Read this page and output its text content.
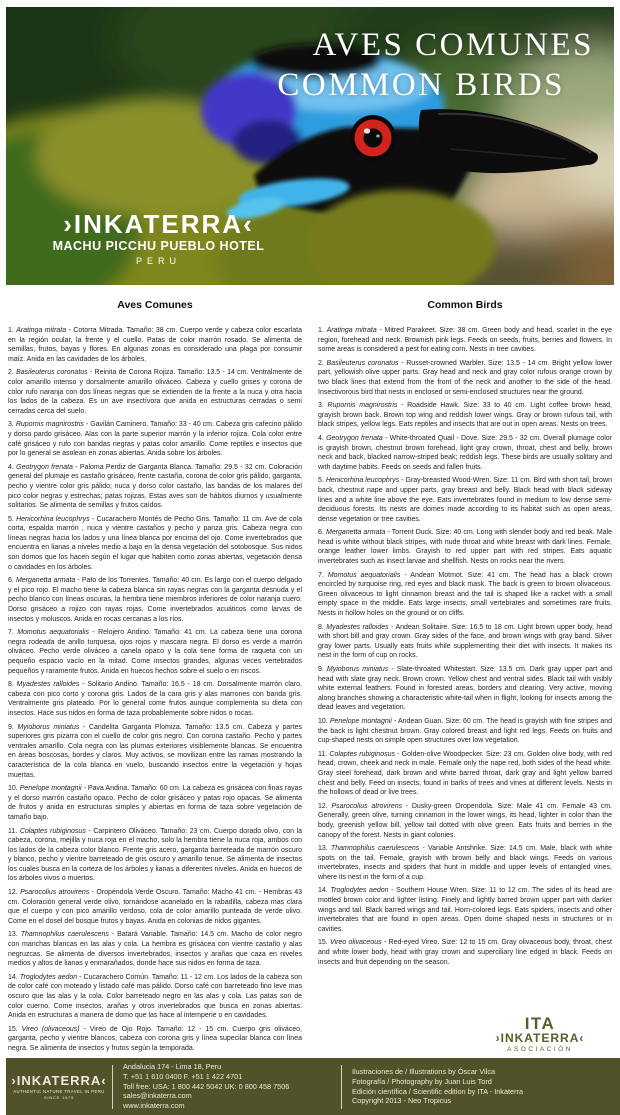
AVES COMUNES
COMMON BIRDS
›INKATERRA‹
MACHU PICCHU PUEBLO HOTEL
PERU
Aves Comunes

1. Aratinga mitrata - Cotorra Mitrada. Tamaño: 38 cm. Cuerpo verde y cabeza color escarlata en la región ocular, la frente y el cuello. Patas de color marrón rosado. Se alimenta de semillas, frutos, bayas y flores. En algunas zonas es considerado una plaga por consumir maíz. Anida en las cavidades de los árboles.

2. Basileuterus coronatus - Reinita de Corona Rojiza. Tamaño: 13.5 - 14 cm. Ventralmente de color amarillo intenso y dorsalmente amarillo oliváceo. Cabeza y cuello grises y corona de color rufo naranja con dos líneas negras que se extienden de la frente a la nuca y otra hacia los lados de la cabeza. Es un ave insectívora que anida en estructuras cerradas o semi cerradas cerca del suelo.

3. Rupornis magnirostris - Gavilán Caminero. Tamaño: 33 - 40 cm. Cabeza gris cafecino pálido y dorso pardo grisáceo. Alas con la parte superior marrón y la inferior rojiza. Cola color entre café grisáceo y rufo con bandas negras y patas color amarillo. Come reptiles e insectos que por lo general se asolean en zonas abiertas. Anida sobre los árboles.

4. Geotrygon frenata - Paloma Perdiz de Garganta Blanca. Tamaño: 29.5 - 32 cm. Coloración general del plumaje es castaño grisáceo, frente castaña, corona de color gris pálido, garganta, pecho y vientre color gris pálido; nuca y dorso color castaño, las bandas de los malares del pico color negras y estrechas; patas rojizas. Estas aves son de hábitos diurnos y usualmente solitarios. Se alimenta de semillas y frutos caídos.

5. Henicorhina leucophrys - Cucarachero Montés de Pecho Gris. Tamaño: 11 cm. Ave de cola corta, espalda marrón , nuca y vientre castaños y pecho y panza gris. Cabeza negra con líneas negras hacia los lados y una línea blanca por encima del ojo. Come invertebrados que encuentra en lianas a niveles medio a bajo en la densa vegetación del sotobosque. Sus nidos son domos que los hacen según el lugar que habiten como zonas abiertas, vegetación densa o cavidades en los árboles.

6. Merganetta armata - Pato de los Torrentes. Tamaño: 40 cm. Es largo con el cuerpo delgado y el pico rojo. El macho tiene la cabeza blanca sin rayas negras con la garganta desnuda y el pecho blanco con líneas oscuras, la hembra tiene miembros inferiores de color naranja cuero. Dorso grisáceo a rojizo con rayas rojas. Come invertebrados acuáticos como larvas de insectos y moluscos. Anida en rocas cercanas a los ríos.

7. Momotus aequatorialis - Relojero Andino. Tamaño: 41 cm. La cabeza tiene una corona negra rodeada de anillo turquesa, ojos rojos y mascara negra. El dorso es verde a marrón oliváceo. Pecho verde oliváceo a canela opaco y la cola tiene forma de raqueta con un pequeño espacio vacío en la mitad. Come insectos grandes, algunas veces vertebrados pequeños y raramente frutos. Anida en huecos hechos sobre el suelo o en riscos.

8. Myadestes ralloides - Solitario Andino. Tamaño: 16.5 - 18 cm. Dorsalmente marrón claro, cabeza con pico corto y corona gris. Lados de la cara gris y alas marrones con banda gris. Ventralmente gris plateado. Por lo general come frutos aunque complementa su dieta con insectos. Hace sus nidos en forma de taza probablemente sobre nidos o rocas.

9. Myioborus miniatus - Candelita Garganta Plomiza. Tamaño: 13.5 cm. Cabeza y partes superiores gris pizarra con el cuello de color gris negro. Con corona castaño. Pecho y partes ventrales amarillo. Cola negra con las plumas exteriores visiblemente blancas. Se encuentra en áreas boscosas, bordes y claros. Muy activos, se movilizan entre las ramas mostrando la característica de la cola blanca en vuelo, buscando insectos entre la vegetación y hojas muertas.

10. Penelope montagnii - Pava Andina. Tamaño: 60 cm. La cabeza es grisácea con finas rayas y el dorso marrón castaño opaco. Pecho de color grisáceo y patas rojo opacas. Se alimenta de frutos y anida en estructuras simples y abiertas en forma de taza sobre vegetación de tamaño bajo.

11. Colaptes rubiginosus - Carpintero Oliváceo. Tamaño: 23 cm. Cuerpo dorado olivo, con la cabeza, corona, mejilla y nuca roja en el macho, solo la hembra tiene la nuca roja, ambos con los lados de la cabeza color blanco. Frente gris acero, garganta barreteada de marrón oscuro y blanco, pecho y vientre barreteado de gris oscuro y amarillo tenue. Se alimenta de insectos los cuales busca en la corteza de los árboles y lianas a diferentes niveles. Anida en huecos de los árboles vivos o muertos.

12. Psarocolius atrovirens - Oropéndola Verde Oscuro. Tamaño: Macho 41 cm. - Hembras 43 cm. Coloración general verde olivo, tornándose acanelado en la rabadilla, cabeza mas clara que el cuerpo y con pico amarillo verdoso, cola de color amarillo punteada de verde olivo. Come en el dosel del bosque frutos y bayas. Anida en colonias de nidos gigantes.

13. Thamnophilus caerulescens - Batará Variable. Tamaño: 14.5 cm. Macho de color negro con manchas blancas en las alas y cola. La hembra es grisácea con vientre castaño y alas negruzcas. Se alimenta de diversos invertebrados, insectos y arañas que caza en niveles medios y altos de lianas y enmarañados, donde hace sus nidos en forma de taza.

14. Troglodytes aedon - Cucarachero Común. Tamaño: 11 - 12 cm. Los lados de la cabeza son de color café con moteado y listado café mas pálido. Dorso café con barreteado fino leve mas oscuro que las alas y la cola. Color barreteado negro en las alas y cola. Las patas son de color cuerno. Come insectos, arañas y otros invertebrados que busca en zonas abiertas. Anida en estructuras a manera de domo que las hace al intemperie o en cavidades.

15. Vireo (olivaceous) - Vireo de Ojo Rojo. Tamaño: 12 - 15 cm. Cuerpo gris oliváceo, garganta, pecho y vientre blancos, cabeza con corona gris y línea supecilar blanca con línea negra. Se alimenta de insectos y frutos según la temporada.

Common Birds

1. Aratinga mitrata - Mitred Parakeet. Size: 38 cm. Green body and head, scarlet in the eye region, forehead and neck. Brownish pink legs. Feeds on seeds, fruits, berries and flowers. In some areas is considered a pest for eating corn. Nests in tree cavities.

2. Basileuterus coronatus - Russet-crowned Warbler. Size: 13.5 - 14 cm. Bright yellow lower part, yellowish olive upper parts. Gray head and neck and gray color rufous orange crown by two black lines that extend from the front of the neck and another to the side of the head. Insectivorous bird that nests in enclosed or semi-enclosed structures near the ground.

3. Rupornis magnirostris - Roadside Hawk. Size: 33 to 40 cm. Light coffee brown head, grayish brown back. Brown top wing and reddish lower wings. Gray or brown rufous tail, with black stripes, yellow legs. Eats reptiles and insects that are out in open areas. Nests on trees.

4. Geotrygon frenata - White-throated Quail - Dove. Size: 29.5 - 32 cm. Overall plumage color is grayish brown, chestnut brown forehead, light gray crown, throat, chest and belly, brown neck and back, blacked narrow-striped beak; reddish legs. These birds are usually solitary and with daytime habits. Feeds on seeds and fallen fruits.

5. Henicorhina leucophrys - Gray-breasted Wood-Wren. Size: 11 cm. Bird with short tail, brown back, chestnut nape and upper parts, gray breast and belly. Black head with black sideway lines and a white line above the eye. Eats invertebrates found in medium to low dense semi-deciduous forests. Its nests are domes made according to its habitat such as open areas, dense vegetation or tree cavities.

6. Merganetta armata - Torrent Duck. Size: 40 cm. Long with slender body and red beak. Male head is white without black stripes, with nude throat and white breast with dark lines. Female, orange leather lower limbs. Grayish to red upper part with red stripes. Eats aquatic invertebrates such as insect larvae and shellfish. Nests on rocks near the rivers.

7. Momotus aequatorialis - Andean Motmot. Size: 41 cm. The head has a black crown encircled by turquoise ring, red eyes and black mask. The back is green to brown olivaceous. Green olivaceous to light cinnamon breast and the tail is shaped like a racket with a small empty space in the middle. Eats large insects, small vertebrates and sometimes rare fruits. Nests in hollow holes on the ground or on cliffs.

8. Myadestes ralloides - Andean Solitaire. Size: 16.5 to 18 cm. Light brown upper body, head with short bill and gray crown. Gray sides of the face, and brown wings with gray band. Silver gray lower parts. Usually eats fruits while supplementing their diet with insects. It makes its nest in the form of cup on rocks.

9. Myioborus miniatus - Slate-throated Whitestart. Size: 13.5 cm. Dark gray upper part and head with slate gray neck. Brown crown. Yellow chest and ventral sides. Black tail with visibly white external feathers. Found in forested areas, borders and clearing. Very active, moving along branches showing a characteristic white-tail when in flight, looking for insects among the dead leaves and vegetation.

10. Penelope montagnii - Andean Guan. Size: 60 cm. The head is grayish with fine stripes and the back is light chestnut brown. Gray colored breast and light red legs. Feeds on fruits and cup-shaped nests on simple open structures over low vegetation.

11. Colaptes rubiginosus - Golden-olive Woodpecker. Size: 23 cm. Golden olive body, with red head, crown, cheek and neck in male. Female only the nape red, both sides of the head white. Gray steel forehead, dark brown and white barred throat, dark gray and light yellow barred chest and belly. Feed on insects, found in barks of trees and vines at different levels. Nests in the hollows of dead or live trees.

12. Psarocolius atrovirens - Dusky-green Oropendola. Size: Male 41 cm. Female 43 cm. Generally, green olive, turning cinnamon in the lower wings, its head, lighter in color than the body, greenish yellow bill, yellow tail dotted with olive green. Eats fruits and berries in the canopy of the forest. Nests in giant colonies.

13. Thamnophilus caerulescens - Variable Antshrike. Size: 14.5 cm. Male, black with white spots on the tail. Female, grayish with brown belly and black wings. Feeds on various invertebrates, insects and spiders that hunt in middle and upper levels of entangled vines, where its nest in the form of a cup.

14. Troglodytes aedon - Southern House Wren. Size: 11 to 12 cm. The sides of its head are mottled brown color and lighter listing. Finely and lightly barred brown upper part with darker wings and tail. Black barred wings and tail. Horn-colored legs. Eats spiders, insects and other invertebrates that are found in open areas. Open dome shaped nests in structures or in cavities.

15. Vireo olivaceous - Red-eyed Vireo. Size: 12 to 15 cm. Gray olivaceous body, throat, chest and white lower body, head with gray crown and superciliary line edged in black. Feeds on insects and fruit depending on the season.

ITA
›INKATERRA‹
ASOCIACIÓN
›INKATERRA‹
AUTHENTIC NATURE TRAVEL IN PERU
SINCE 1975
Andalucia 174 - Lima 18, Peru
T. +51 1 610 0400 F. +51 1 422 4701
Toll free: USA: 1 800 442 5042 UK: 0 800 458 7506
sales@inkaterra.com
www.inkaterra.com
Ilustraciones de / Illustrations by Óscar Vilca
Fotografía / Photography by Juan Luis Tord
Edición científica / Scientific edition by ITA - Inkaterra
Copyright 2013 - Neo Tropicus
